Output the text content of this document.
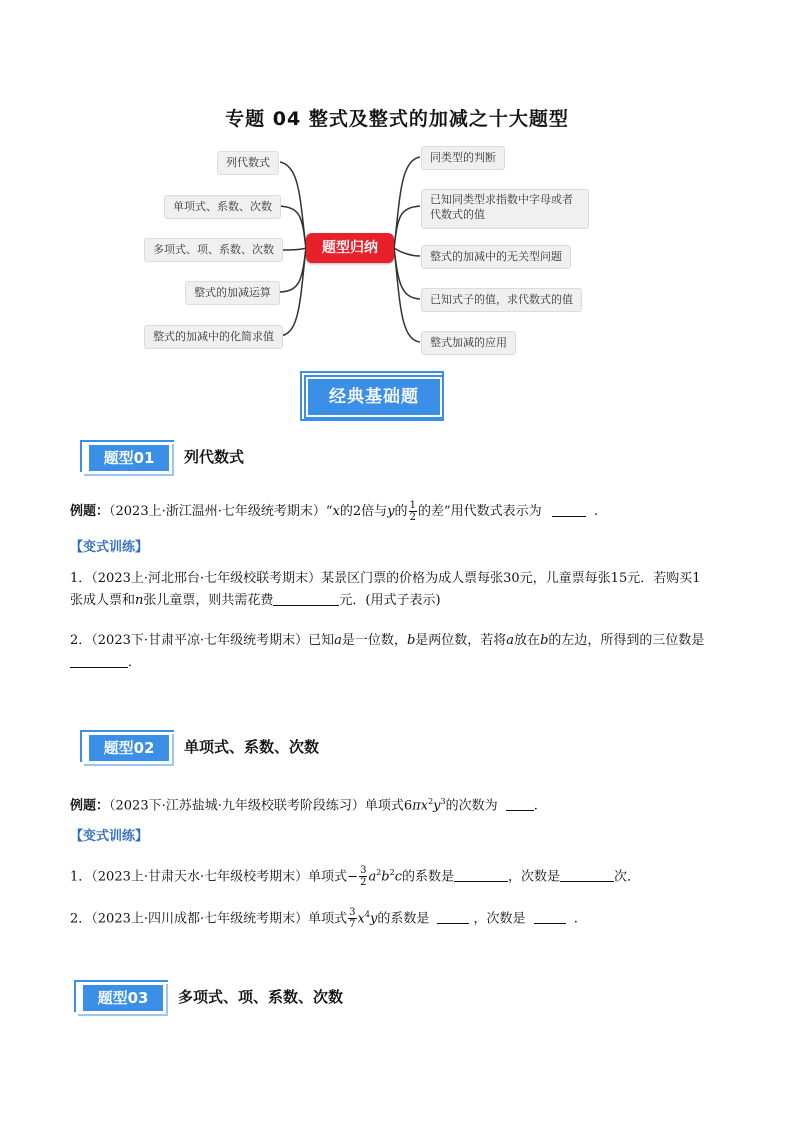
专题 04 整式及整式的加减之十大题型
列代数式
单项式、系数、次数
多项式、项、系数、次数
整式的加减运算
整式的加减中的化简求值
题型归纳
同类型的判断
已知同类型求指数中字母或者代数式的值
整式的加减中的无关型问题
已知式子的值，求代数式的值
整式加减的应用
经典基础题
题型01	列代数式
例题：（2023上·浙江温州·七年级统考期末）“x的2倍与y的 $\frac{1}{2}$ 的差”用代数式表示为	.
【变式训练】
1．（2023上·河北邢台·七年级校联考期末）某景区门票的价格为成人票每张30元，儿童票每张15元．若购买1张成人票和n张儿童票，则共需花费	元．(用式子表示)
2．（2023下·甘肃平凉·七年级统考期末）已知a是一位数，b是两位数，若将a放在b的左边，所得到的三位数是．
题型02	单项式、系数、次数
例题：（2023下·江苏盐城·九年级校联考阶段练习）单项式$6\pi x^2y^3$的次数为	.
【变式训练】
1．（2023上·甘肃天水·七年级校考期末）单项式− $\frac{3}{2} a^2b^2c$的系数是	，次数是	次．
2．（2023上·四川成都·七年级统考期末）单项式 $\frac{3}{7} x^4y$的系数是	，次数是	.
题型03	多项式、项、系数、次数
